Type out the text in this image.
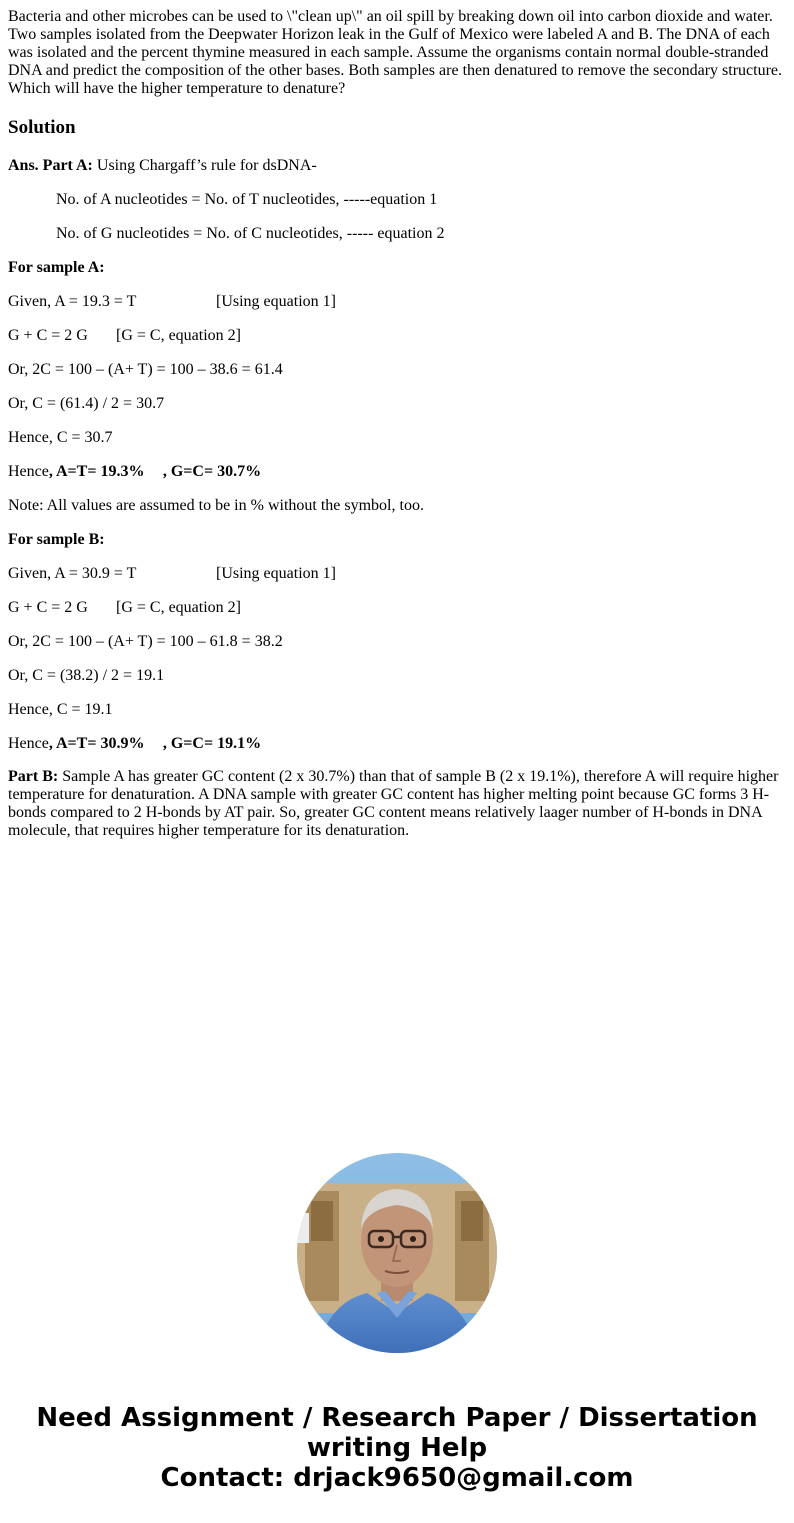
Bacteria and other microbes can be used to \"clean up\" an oil spill by breaking down oil into carbon dioxide and water. Two samples isolated from the Deepwater Horizon leak in the Gulf of Mexico were labeled A and B. The DNA of each was isolated and the percent thymine measured in each sample. Assume the organisms contain normal double-stranded DNA and predict the composition of the other bases. Both samples are then denatured to remove the secondary structure. Which will have the higher temperature to denature?

Solution

Ans. Part A: Using Chargaff’s rule for dsDNA-

No. of A nucleotides = No. of T nucleotides, -----equation 1

No. of G nucleotides = No. of C nucleotides, ----- equation 2

For sample A:

Given, A = 19.3 = T	[Using equation 1]

G + C = 2 G [G = C, equation 2]

Or, 2C = 100 – (A+ T) = 100 – 38.6 = 61.4

Or, C = (61.4) / 2 = 30.7

Hence, C = 30.7

Hence, A=T= 19.3% , G=C= 30.7%

Note: All values are assumed to be in % without the symbol, too.

For sample B:

Given, A = 30.9 = T	[Using equation 1]

G + C = 2 G [G = C, equation 2]

Or, 2C = 100 – (A+ T) = 100 – 61.8 = 38.2

Or, C = (38.2) / 2 = 19.1

Hence, C = 19.1

Hence, A=T= 30.9% , G=C= 19.1%

Part B: Sample A has greater GC content (2 x 30.7%) than that of sample B (2 x 19.1%), therefore A will require higher temperature for denaturation. A DNA sample with greater GC content has higher melting point because GC forms 3 H-bonds compared to 2 H-bonds by AT pair. So, greater GC content means relatively laager number of H-bonds in DNA molecule, that requires higher temperature for its denaturation.

Need Assignment / Research Paper / Dissertation
writing Help
Contact: drjack9650@gmail.com
